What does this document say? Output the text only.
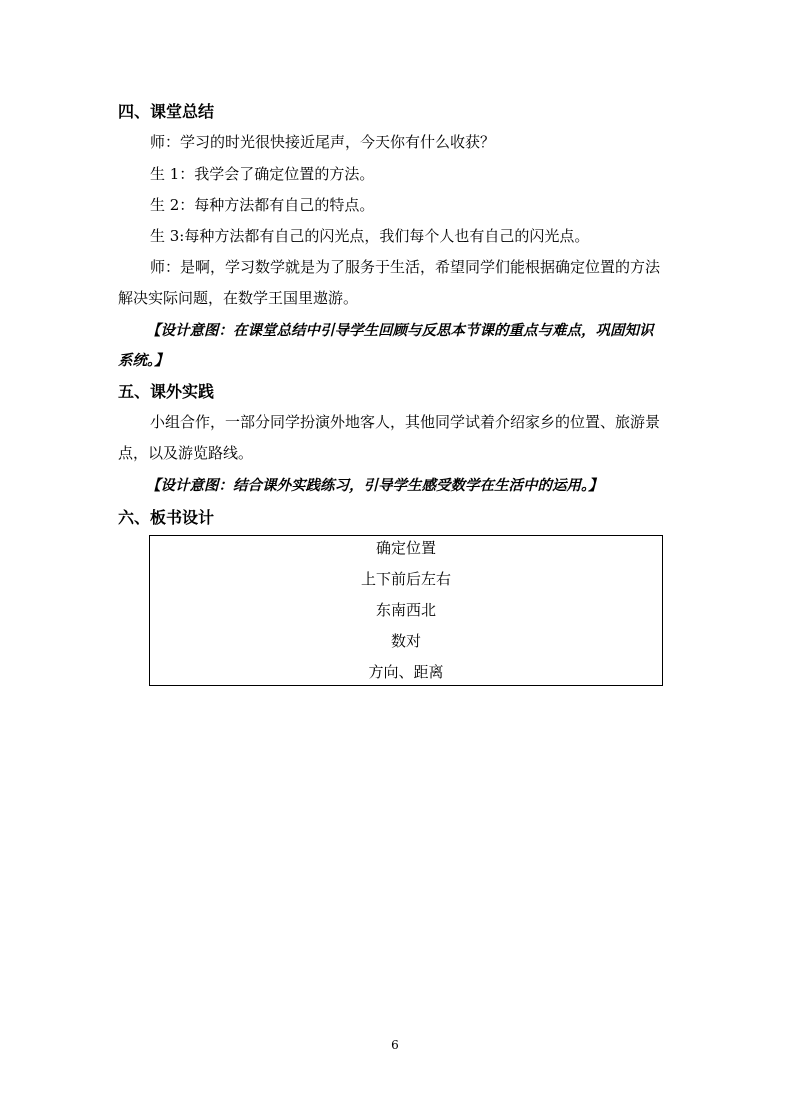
四、课堂总结
师：学习的时光很快接近尾声，今天你有什么收获？
生 1：我学会了确定位置的方法。
生 2：每种方法都有自己的特点。
生 3:每种方法都有自己的闪光点，我们每个人也有自己的闪光点。
师：是啊，学习数学就是为了服务于生活，希望同学们能根据确定位置的方法解决实际问题，在数学王国里遨游。
【设计意图：在课堂总结中引导学生回顾与反思本节课的重点与难点，巩固知识系统。】
五、课外实践
小组合作，一部分同学扮演外地客人，其他同学试着介绍家乡的位置、旅游景点，以及游览路线。
【设计意图：结合课外实践练习，引导学生感受数学在生活中的运用。】
六、板书设计
确定位置
上下前后左右
东南西北
数对
方向、距离
6
